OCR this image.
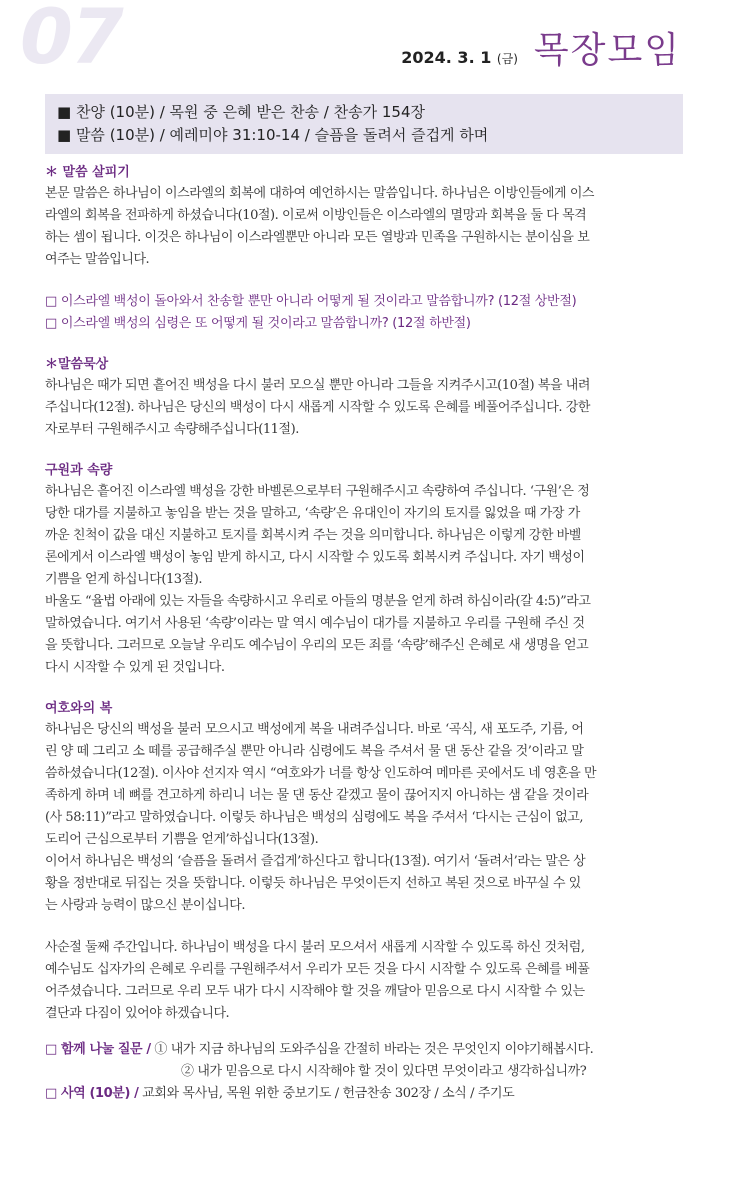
07	2024. 3. 1 (금) 목장모임
■ 찬양 (10분) / 목원 중 은혜 받은 찬송 / 찬송가 154장
■ 말씀 (10분) / 예레미야 31:10-14 / 슬픔을 돌려서 즐겁게 하며
＊ 말씀 살피기
본문 말씀은 하나님이 이스라엘의 회복에 대하여 예언하시는 말씀입니다. 하나님은 이방인들에게 이스
라엘의 회복을 전파하게 하셨습니다(10절). 이로써 이방인들은 이스라엘의 멸망과 회복을 둘 다 목격
하는 셈이 됩니다. 이것은 하나님이 이스라엘뿐만 아니라 모든 열방과 민족을 구원하시는 분이심을 보
여주는 말씀입니다.
□ 이스라엘 백성이 돌아와서 찬송할 뿐만 아니라 어떻게 될 것이라고 말씀합니까? (12절 상반절)
□ 이스라엘 백성의 심령은 또 어떻게 될 것이라고 말씀합니까? (12절 하반절)
＊말씀묵상
하나님은 때가 되면 흩어진 백성을 다시 불러 모으실 뿐만 아니라 그들을 지켜주시고(10절) 복을 내려
주십니다(12절). 하나님은 당신의 백성이 다시 새롭게 시작할 수 있도록 은혜를 베풀어주십니다. 강한
자로부터 구원해주시고 속량해주십니다(11절).
구원과 속량
하나님은 흩어진 이스라엘 백성을 강한 바벨론으로부터 구원해주시고 속량하여 주십니다. ‘구원’은 정
당한 대가를 지불하고 놓임을 받는 것을 말하고, ‘속량’은 유대인이 자기의 토지를 잃었을 때 가장 가
까운 친척이 값을 대신 지불하고 토지를 회복시켜 주는 것을 의미합니다. 하나님은 이렇게 강한 바벨
론에게서 이스라엘 백성이 놓임 받게 하시고, 다시 시작할 수 있도록 회복시켜 주십니다. 자기 백성이
기쁨을 얻게 하십니다(13절).
바울도 “율법 아래에 있는 자들을 속량하시고 우리로 아들의 명분을 얻게 하려 하심이라(갈 4:5)”라고
말하였습니다. 여기서 사용된 ‘속량’이라는 말 역시 예수님이 대가를 지불하고 우리를 구원해 주신 것
을 뜻합니다. 그러므로 오늘날 우리도 예수님이 우리의 모든 죄를 ‘속량’해주신 은혜로 새 생명을 얻고
다시 시작할 수 있게 된 것입니다.
여호와의 복
하나님은 당신의 백성을 불러 모으시고 백성에게 복을 내려주십니다. 바로 ‘곡식, 새 포도주, 기름, 어
린 양 떼 그리고 소 떼를 공급해주실 뿐만 아니라 심령에도 복을 주셔서 물 댄 동산 같을 것’이라고 말
씀하셨습니다(12절). 이사야 선지자 역시 “여호와가 너를 항상 인도하여 메마른 곳에서도 네 영혼을 만
족하게 하며 네 뼈를 견고하게 하리니 너는 물 댄 동산 같겠고 물이 끊어지지 아니하는 샘 같을 것이라
(사 58:11)”라고 말하였습니다. 이렇듯 하나님은 백성의 심령에도 복을 주셔서 ‘다시는 근심이 없고,
도리어 근심으로부터 기쁨을 얻게’하십니다(13절).
이어서 하나님은 백성의 ‘슬픔을 돌려서 즐겁게’하신다고 합니다(13절). 여기서 ‘돌려서’라는 말은 상
황을 정반대로 뒤집는 것을 뜻합니다. 이렇듯 하나님은 무엇이든지 선하고 복된 것으로 바꾸실 수 있
는 사랑과 능력이 많으신 분이십니다.
사순절 둘째 주간입니다. 하나님이 백성을 다시 불러 모으셔서 새롭게 시작할 수 있도록 하신 것처럼,
예수님도 십자가의 은혜로 우리를 구원해주셔서 우리가 모든 것을 다시 시작할 수 있도록 은혜를 베풀
어주셨습니다. 그러므로 우리 모두 내가 다시 시작해야 할 것을 깨달아 믿음으로 다시 시작할 수 있는
결단과 다짐이 있어야 하겠습니다.
□ 함께 나눌 질문 / ① 내가 지금 하나님의 도와주심을 간절히 바라는 것은 무엇인지 이야기해봅시다.
② 내가 믿음으로 다시 시작해야 할 것이 있다면 무엇이라고 생각하십니까?
□ 사역 (10분) / 교회와 목사님, 목원 위한 중보기도 / 헌금찬송 302장 / 소식 / 주기도
